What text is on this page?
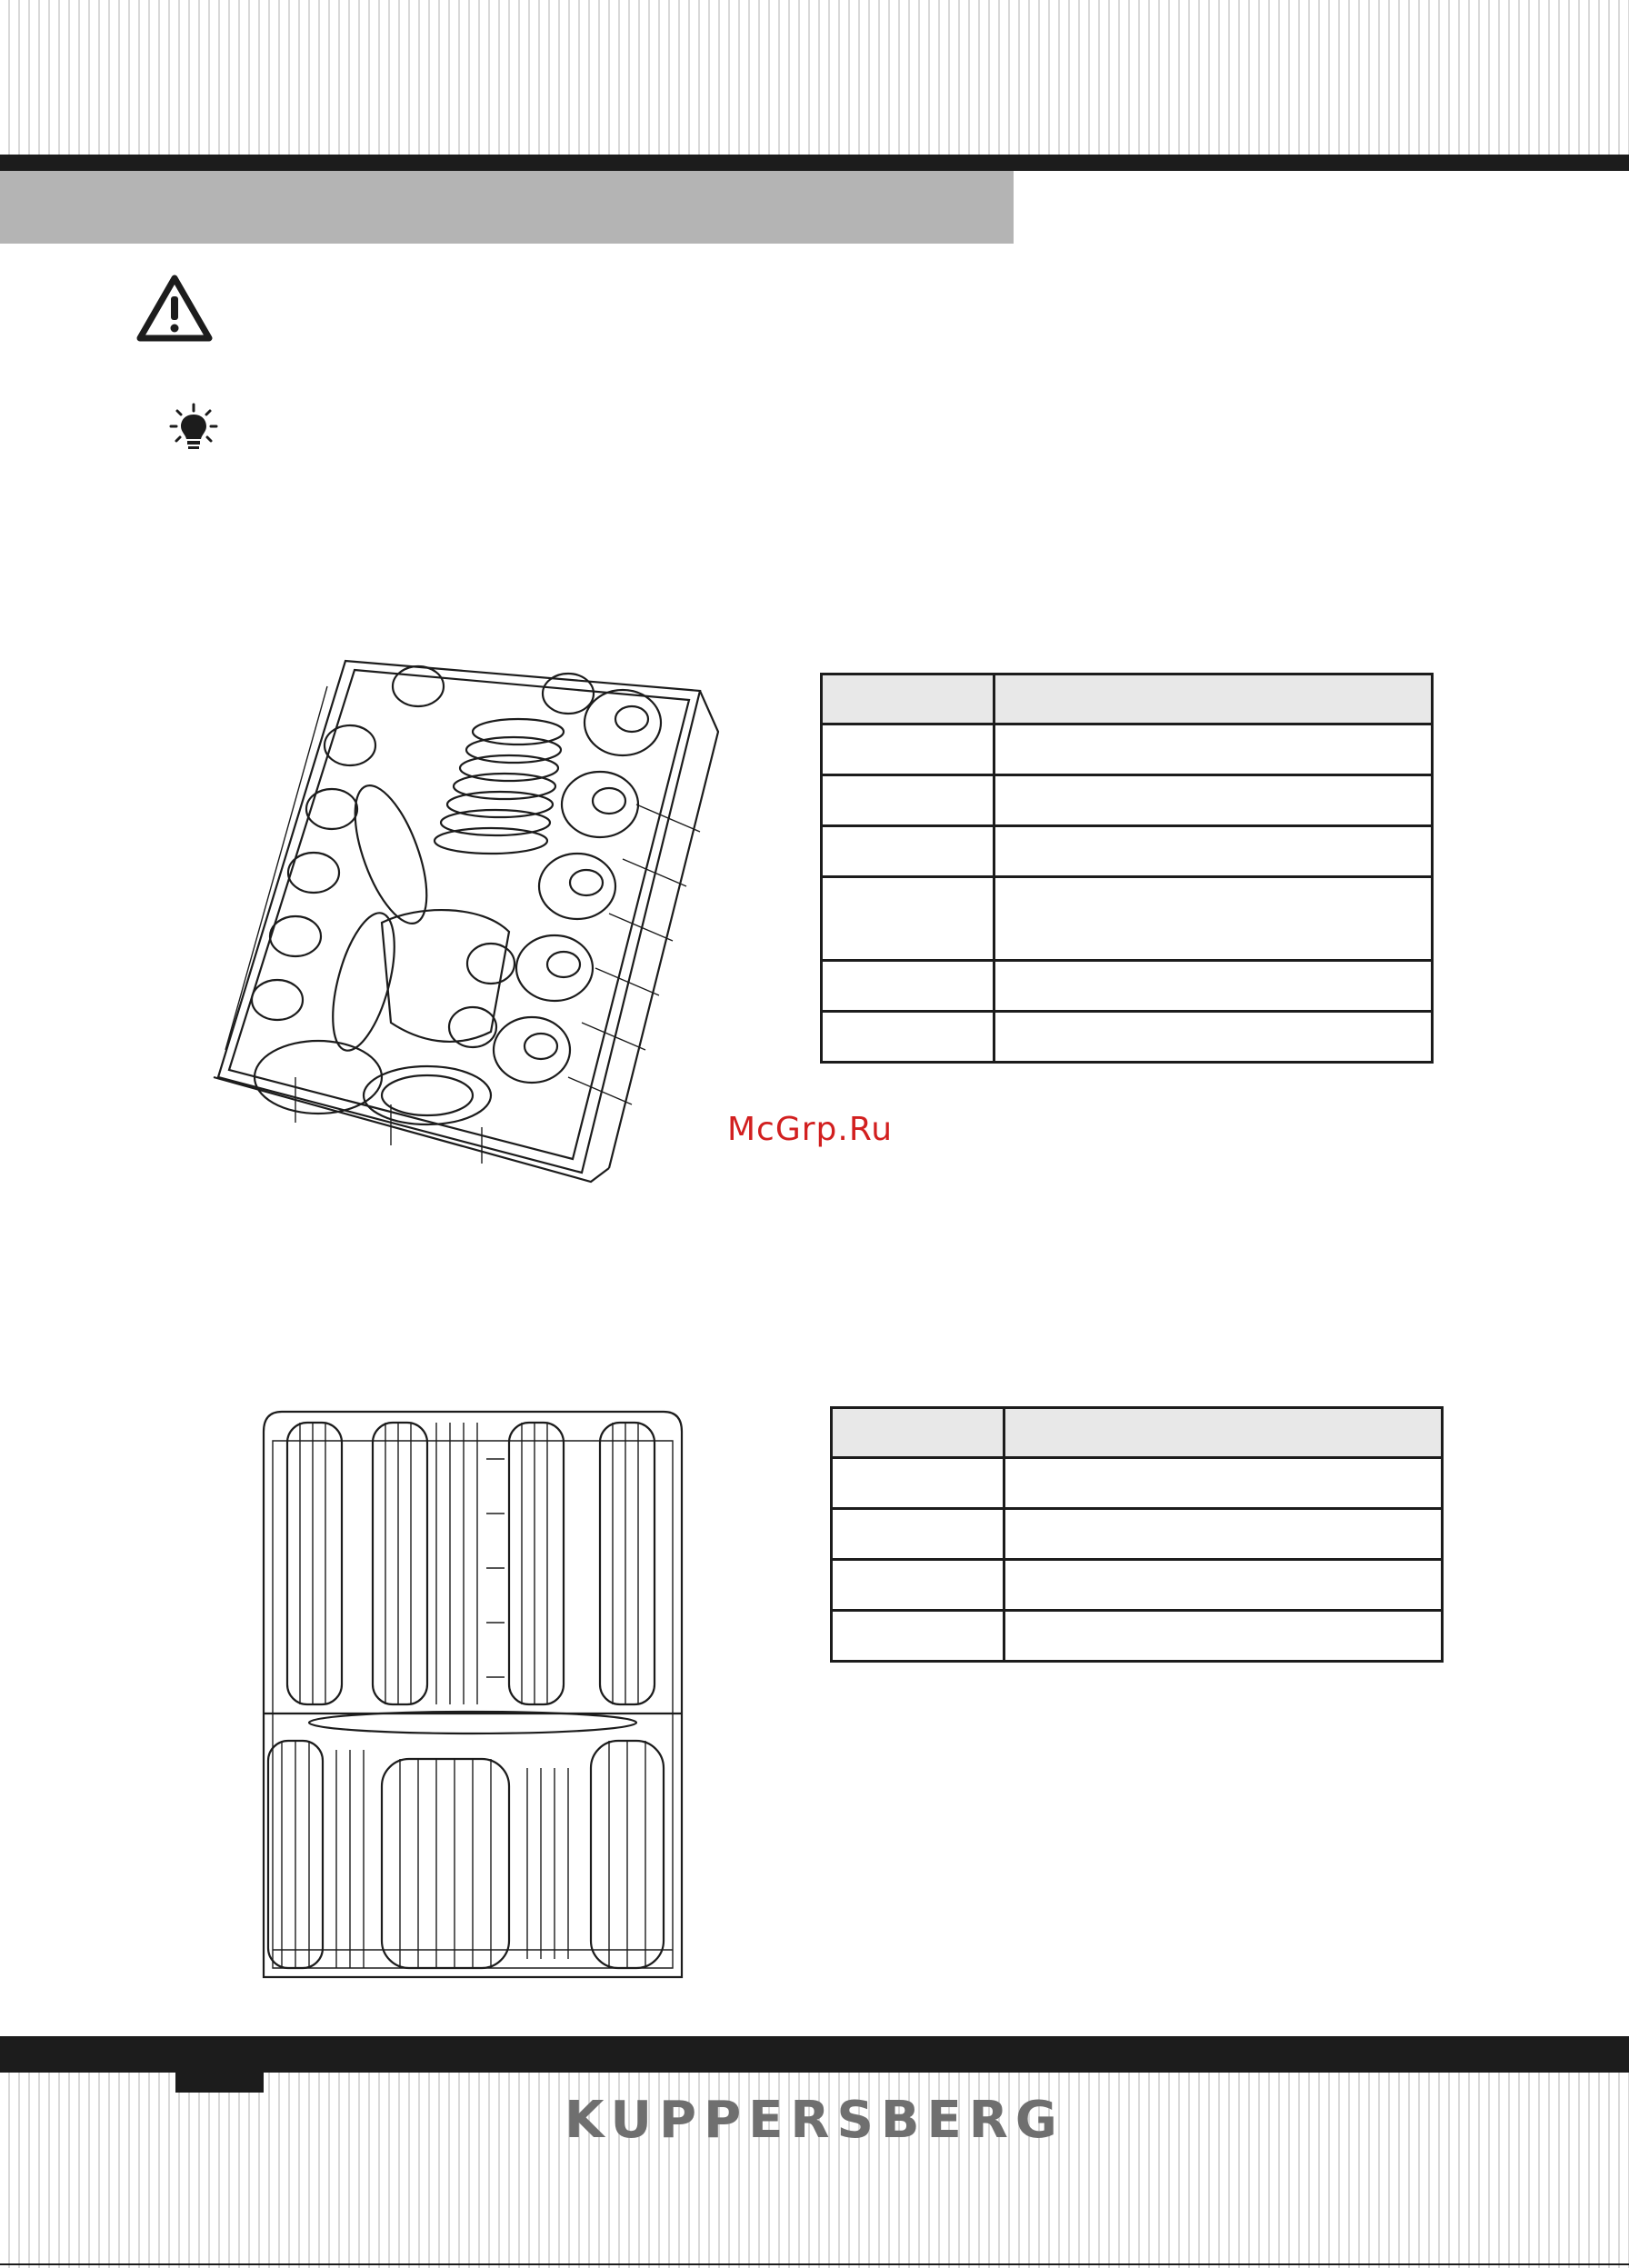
McGrp.Ru

KUPPERSBERG
